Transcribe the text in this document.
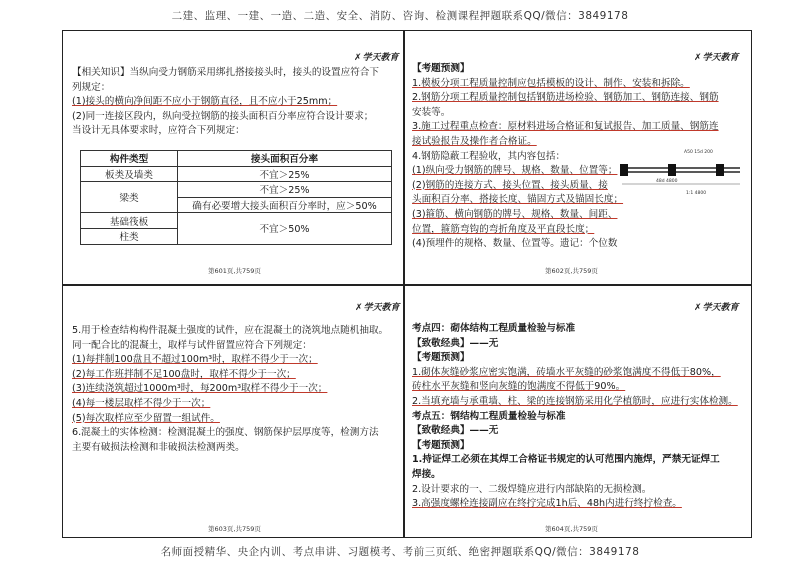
二建、监理、一建、一造、二造、安全、消防、咨询、检测课程押题联系QQ/微信：3849178
✗学天教育	✗学天教育
✗学天教育	✗学天教育

【相关知识】当纵向受力钢筋采用绑扎搭接接头时，接头的设置应符合下

列规定：

(1)接头的横向净间距不应小于钢筋直径，且不应小于25mm；

(2)同一连接区段内，纵向受拉钢筋的接头面积百分率应符合设计要求；

当设计无具体要求时，应符合下列规定：

构件类型	接头面积百分率
板类及墙类	不宜＞25%
梁类	不宜＞25%
	确有必要增大接头面积百分率时，应＞50%
基础筏板	不宜＞50%
柱类	
第601页,共759页

【考题预测】

1.模板分项工程质量控制应包括模板的设计、制作、安装和拆除。

2.钢筋分项工程质量控制包括钢筋进场检验、钢筋加工、钢筋连接、钢筋

安装等。

3.施工过程重点检查：原材料进场合格证和复试报告、加工质量、钢筋连

接试验报告及操作者合格证。

4.钢筋隐蔽工程验收，其内容包括：

(1)纵向受力钢筋的牌号、规格、数量、位置等；

(2)钢筋的连接方式、接头位置、接头质量、接

头面积百分率、搭接长度、锚固方式及锚固长度；

(3)箍筋、横向钢筋的牌号、规格、数量、间距、

位置，箍筋弯钩的弯折角度及平直段长度；

(4)预埋件的规格、数量、位置等。遗记：个位数

A50 15d 200
48d 4800
1:1 4800
第602页,共759页

5.用于检查结构构件混凝土强度的试件，应在混凝土的浇筑地点随机抽取。

同一配合比的混凝土，取样与试件留置应符合下列规定：

(1)每拌制100盘且不超过100m³时，取样不得少于一次；

(2)每工作班拌制不足100盘时，取样不得少于一次；

(3)连续浇筑超过1000m³时，每200m³取样不得少于一次；

(4)每一楼层取样不得少于一次；

(5)每次取样应至少留置一组试件。

6.混凝土的实体检测：检测混凝土的强度、钢筋保护层厚度等，检测方法

主要有破损法检测和非破损法检测两类。

第603页,共759页

考点四：砌体结构工程质量检验与标准

【致敬经典】——无

【考题预测】

1.砌体灰缝砂浆应密实饱满，砖墙水平灰缝的砂浆饱满度不得低于80%，

砖柱水平灰缝和竖向灰缝的饱满度不得低于90%。

2.当填充墙与承重墙、柱、梁的连接钢筋采用化学植筋时，应进行实体检测。

考点五：钢结构工程质量检验与标准

【致敬经典】——无

【考题预测】

1.持证焊工必须在其焊工合格证书规定的认可范围内施焊，严禁无证焊工

焊接。

2.设计要求的一、二级焊缝应进行内部缺陷的无损检测。

3.高强度螺栓连接副应在终拧完成1h后、48h内进行终拧检查。

第604页,共759页
名师面授精华、央企内训、考点串讲、习题模考、考前三页纸、绝密押题联系QQ/微信：3849178
